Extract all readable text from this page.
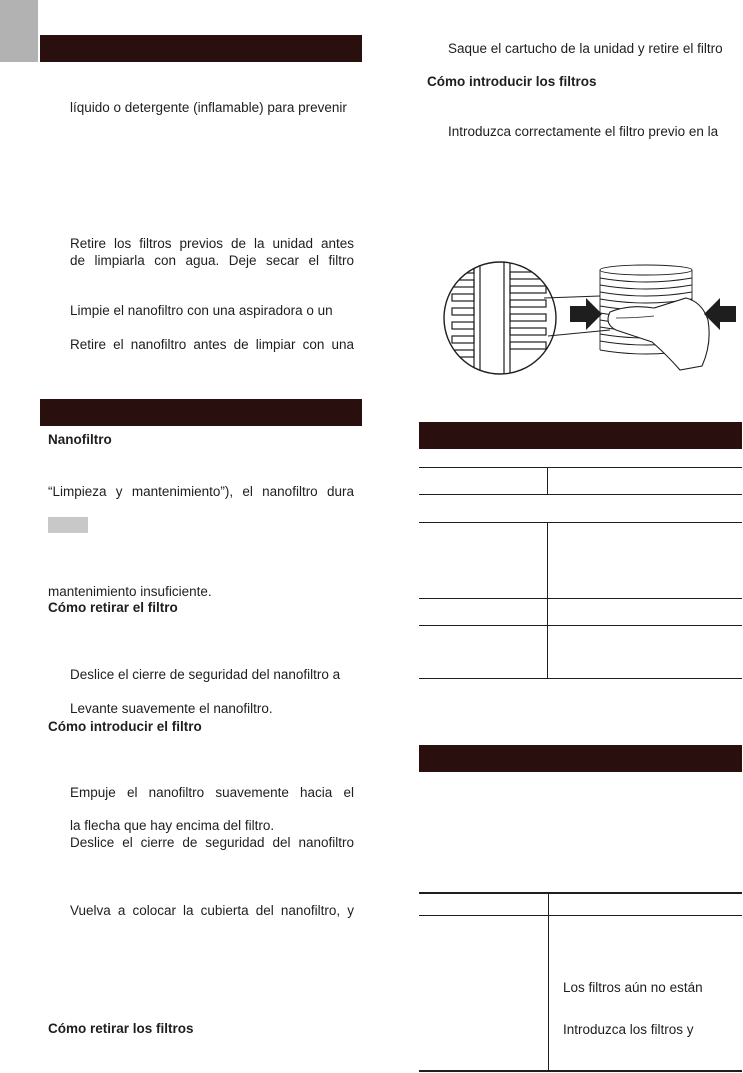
líquido o detergente (inflamable) para prevenir
Retire los filtros previos de la unidad antes
de limpiarla con agua. Deje secar el filtro
Limpie el nanofiltro con una aspiradora o un
Retire el nanofiltro antes de limpiar con una
Nanofiltro
“Limpieza y mantenimiento”), el nanofiltro dura
mantenimiento insuficiente.
Cómo retirar el filtro
Deslice el cierre de seguridad del nanofiltro a
Levante suavemente el nanofiltro.
Cómo introducir el filtro
Empuje el nanofiltro suavemente hacia el
la flecha que hay encima del filtro.
Deslice el cierre de seguridad del nanofiltro
Vuelva a colocar la cubierta del nanofiltro, y
Cómo retirar los filtros
Saque el cartucho de la unidad y retire el filtro
Cómo introducir los filtros
Introduzca correctamente el filtro previo en la
Los filtros aún no están
Introduzca los filtros y
